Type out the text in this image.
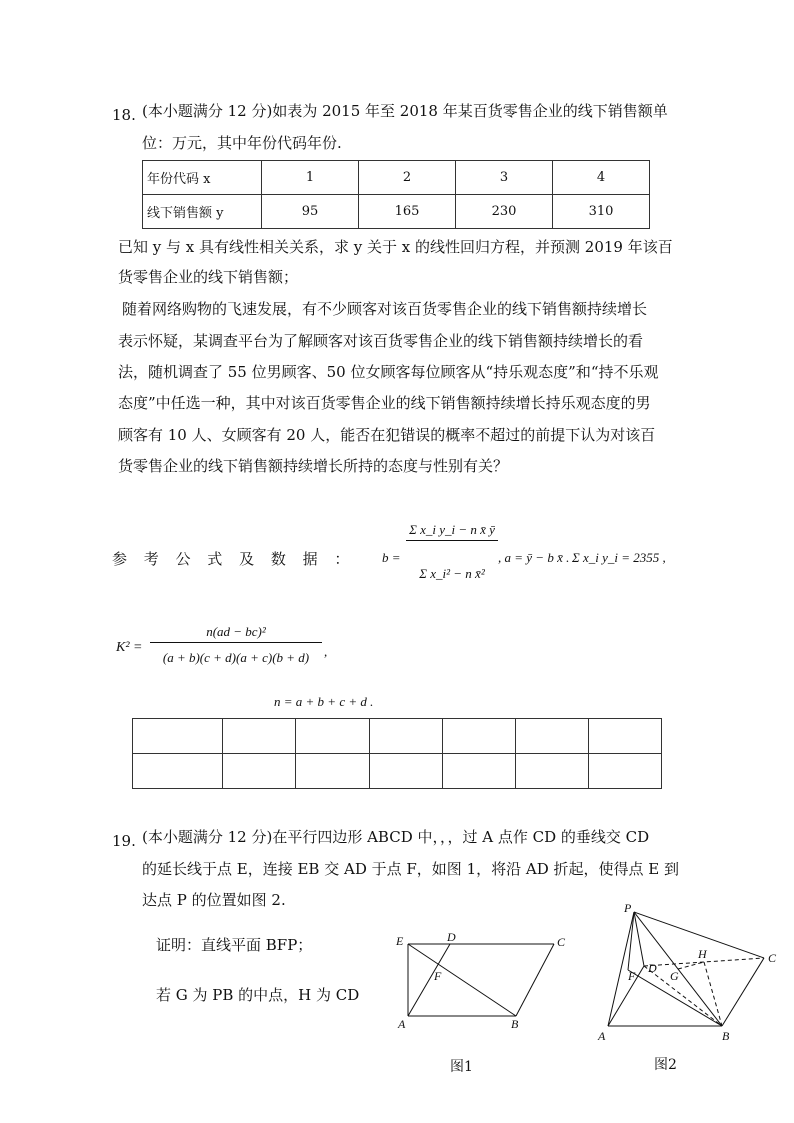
18. (本小题满分 12 分)如表为 2015 年至 2018 年某百货零售企业的线下销售额单
位：万元，其中年份代码年份.
年份代码 x	1	2	3	4
线下销售额 y	95	165	230	310
已知 y 与 x 具有线性相关关系，求 y 关于 x 的线性回归方程，并预测 2019 年该百
货零售企业的线下销售额；
随着网络购物的飞速发展，有不少顾客对该百货零售企业的线下销售额持续增长
表示怀疑，某调查平台为了解顾客对该百货零售企业的线下销售额持续增长的看
法，随机调查了 55 位男顾客、50 位女顾客每位顾客从“持乐观态度”和“持不乐观
态度”中任选一种，其中对该百货零售企业的线下销售额持续增长持乐观态度的男
顾客有 10 人、女顾客有 20 人，能否在犯错误的概率不超过的前提下认为对该百
货零售企业的线下销售额持续增长所持的态度与性别有关？
参 考 公 式 及 数 据 ： b =
Σ x_i y_i − n x̄ ȳ
Σ x_i² − n x̄²
, a = ȳ − b x̄ . Σ x_i y_i = 2355 ,
K² =
n(ad − bc)²
(a + b)(c + d)(a + c)(b + d)	,
n = a + b + c + d .

19. (本小题满分 12 分)在平行四边形 ABCD 中，，，过 A 点作 CD 的垂线交 CD
的延长线于点 E，连接 EB 交 AD 于点 F，如图 1，将沿 AD 折起，使得点 E 到
达点 P 的位置如图 2.
证明：直线平面 BFP；
若 G 为 PB 的中点，H 为 CD
E	D	C
F
A	B
图1
P
H	C
F
D
G
A	B
图2
